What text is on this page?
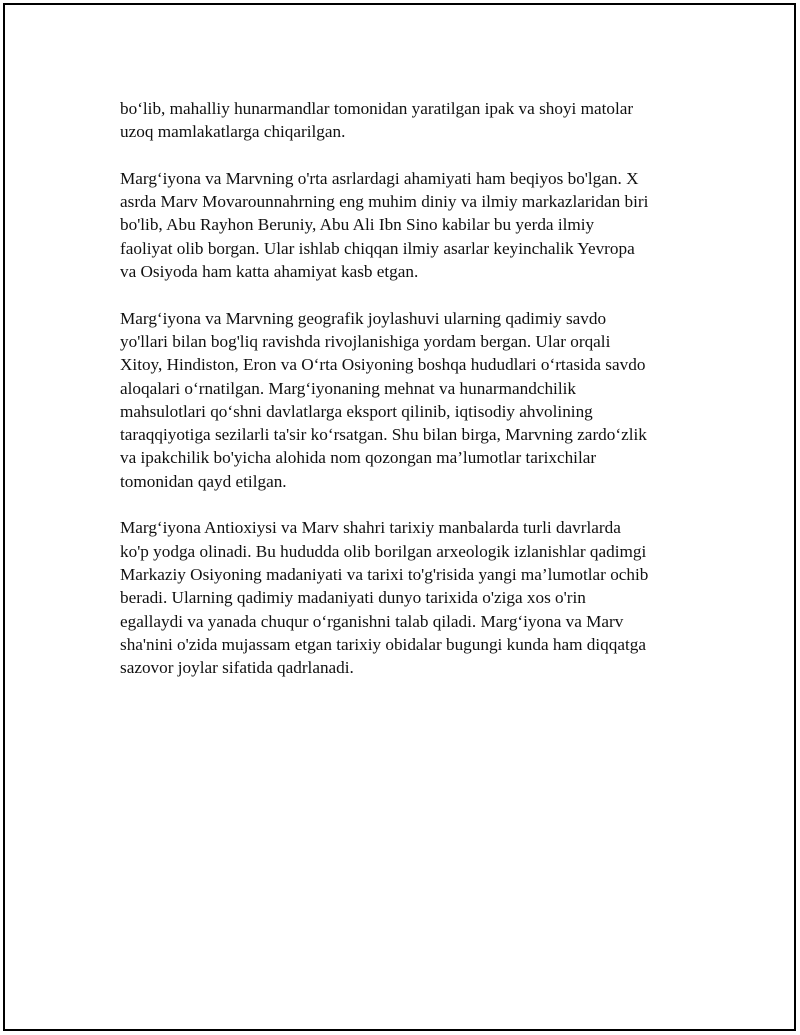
bo‘lib, mahalliy hunarmandlar tomonidan yaratilgan ipak va shoyi matolar
uzoq mamlakatlarga chiqarilgan.

Marg‘iyona va Marvning o'rta asrlardagi ahamiyati ham beqiyos bo'lgan. X
asrda Marv Movarounnahrning eng muhim diniy va ilmiy markazlaridan biri
bo'lib, Abu Rayhon Beruniy, Abu Ali Ibn Sino kabilar bu yerda ilmiy
faoliyat olib borgan. Ular ishlab chiqqan ilmiy asarlar keyinchalik Yevropa
va Osiyoda ham katta ahamiyat kasb etgan.

Marg‘iyona va Marvning geografik joylashuvi ularning qadimiy savdo
yo'llari bilan bog'liq ravishda rivojlanishiga yordam bergan. Ular orqali
Xitoy, Hindiston, Eron va O‘rta Osiyoning boshqa hududlari o‘rtasida savdo
aloqalari o‘rnatilgan. Marg‘iyonaning mehnat va hunarmandchilik
mahsulotlari qo‘shni davlatlarga eksport qilinib, iqtisodiy ahvolining
taraqqiyotiga sezilarli ta'sir ko‘rsatgan. Shu bilan birga, Marvning zardo‘zlik
va ipakchilik bo'yicha alohida nom qozongan ma’lumotlar tarixchilar
tomonidan qayd etilgan.

Marg‘iyona Antioxiysi va Marv shahri tarixiy manbalarda turli davrlarda
ko'p yodga olinadi. Bu hududda olib borilgan arxeologik izlanishlar qadimgi
Markaziy Osiyoning madaniyati va tarixi to'g'risida yangi ma’lumotlar ochib
beradi. Ularning qadimiy madaniyati dunyo tarixida o'ziga xos o'rin
egallaydi va yanada chuqur o‘rganishni talab qiladi. Marg‘iyona va Marv
sha'nini o'zida mujassam etgan tarixiy obidalar bugungi kunda ham diqqatga
sazovor joylar sifatida qadrlanadi.
